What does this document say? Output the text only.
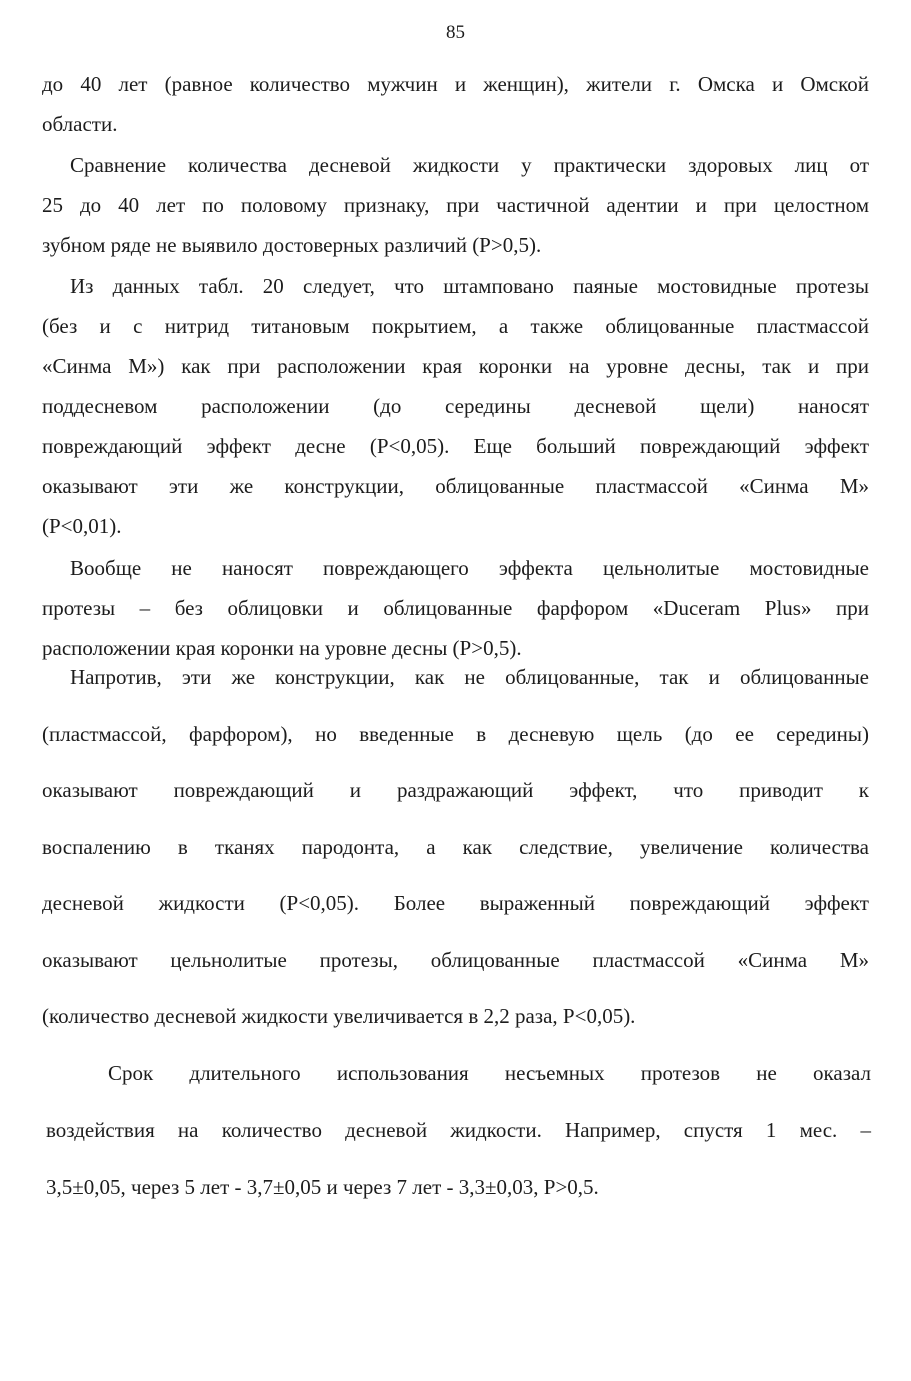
85

до 40 лет (равное количество мужчин и женщин), жители г. Омска и Омской
области.

Сравнение количества десневой жидкости у практически здоровых лиц от
25 до 40 лет по половому признаку, при частичной адентии и при целостном
зубном ряде не выявило достоверных различий (P>0,5).

Из данных табл. 20 следует, что штамповано паяные мостовидные протезы
(без и с нитрид титановым покрытием, а также облицованные пластмассой
«Синма М») как при расположении края коронки на уровне десны, так и при
поддесневом расположении (до середины десневой щели) наносят
повреждающий эффект десне (P<0,05). Еще больший повреждающий эффект
оказывают эти же конструкции, облицованные пластмассой «Синма М»
(P<0,01).

Вообще не наносят повреждающего эффекта цельнолитые мостовидные
протезы – без облицовки и облицованные фарфором «Duceram Plus» при
расположении края коронки на уровне десны (P>0,5).

Напротив, эти же конструкции, как не облицованные, так и облицованные
(пластмассой, фарфором), но введенные в десневую щель (до ее середины)
оказывают повреждающий и раздражающий эффект, что приводит к
воспалению в тканях пародонта, а как следствие, увеличение количества
десневой жидкости (P<0,05). Более выраженный повреждающий эффект
оказывают цельнолитые протезы, облицованные пластмассой «Синма М»
(количество десневой жидкости увеличивается в 2,2 раза, P<0,05).

Срок длительного использования несъемных протезов не оказал
воздействия на количество десневой жидкости. Например, спустя 1 мес. –
3,5±0,05, через 5 лет - 3,7±0,05 и через 7 лет - 3,3±0,03, P>0,5.
